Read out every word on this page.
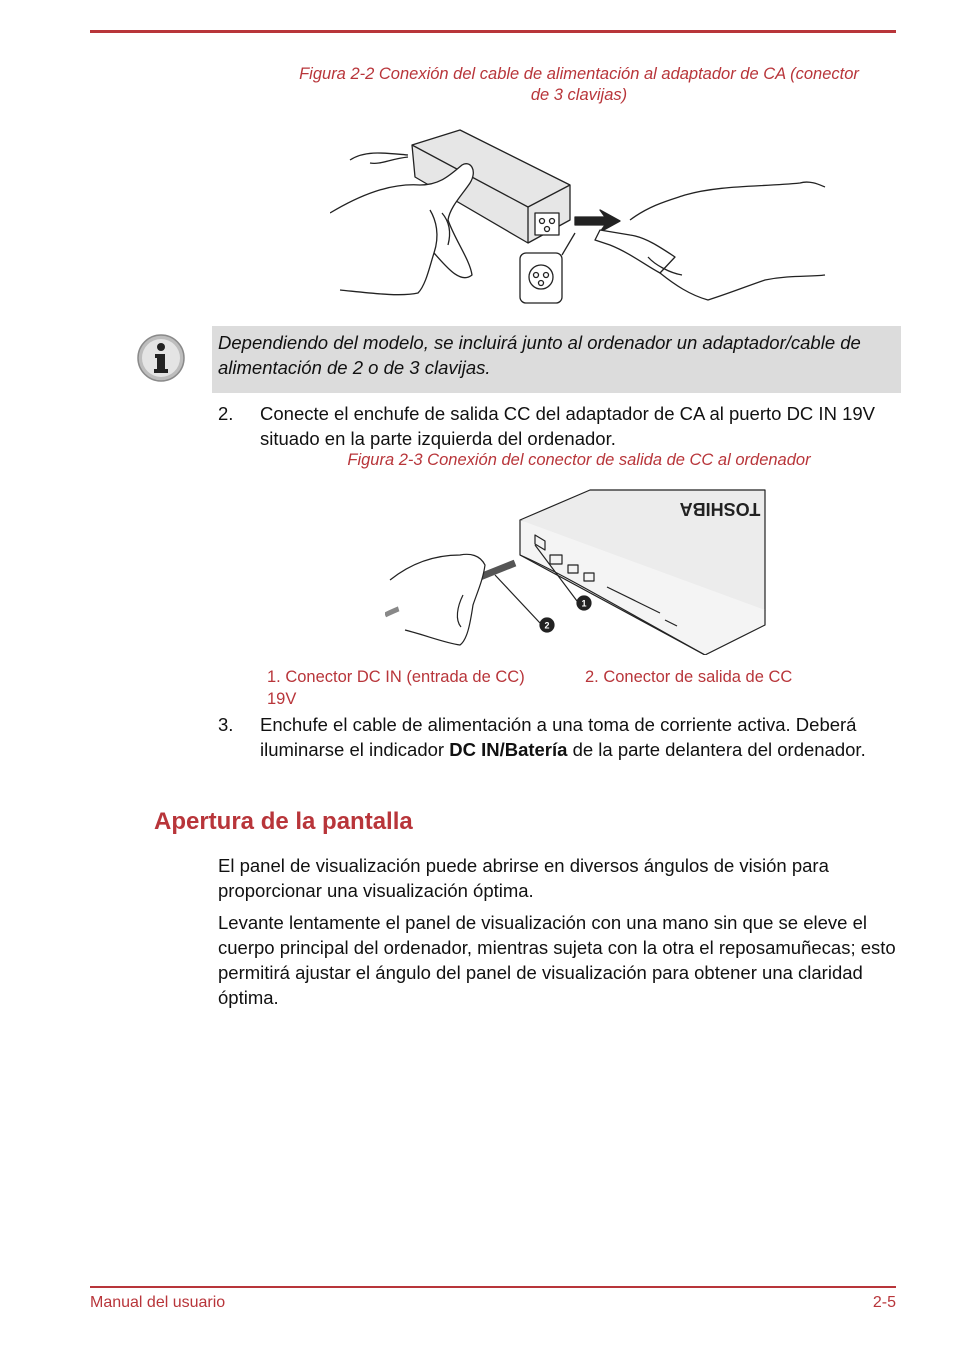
Figura 2-2 Conexión del cable de alimentación al adaptador de CA (conector
de 3 clavijas)
Dependiendo del modelo, se incluirá junto al ordenador un adaptador/cable de alimentación de 2 o de 3 clavijas.
2. Conecte el enchufe de salida CC del adaptador de CA al puerto DC IN 19V situado en la parte izquierda del ordenador.
Figura 2-3 Conexión del conector de salida de CC al ordenador
1
2
TOSHIBA
1. Conector DC IN (entrada de CC)
19V
2. Conector de salida de CC
3. Enchufe el cable de alimentación a una toma de corriente activa. Deberá iluminarse el indicador DC IN/Batería de la parte delantera del ordenador.
Apertura de la pantalla
El panel de visualización puede abrirse en diversos ángulos de visión para proporcionar una visualización óptima.
Levante lentamente el panel de visualización con una mano sin que se eleve el cuerpo principal del ordenador, mientras sujeta con la otra el reposamuñecas; esto permitirá ajustar el ángulo del panel de visualización para obtener una claridad óptima.
Manual del usuario	2-5
